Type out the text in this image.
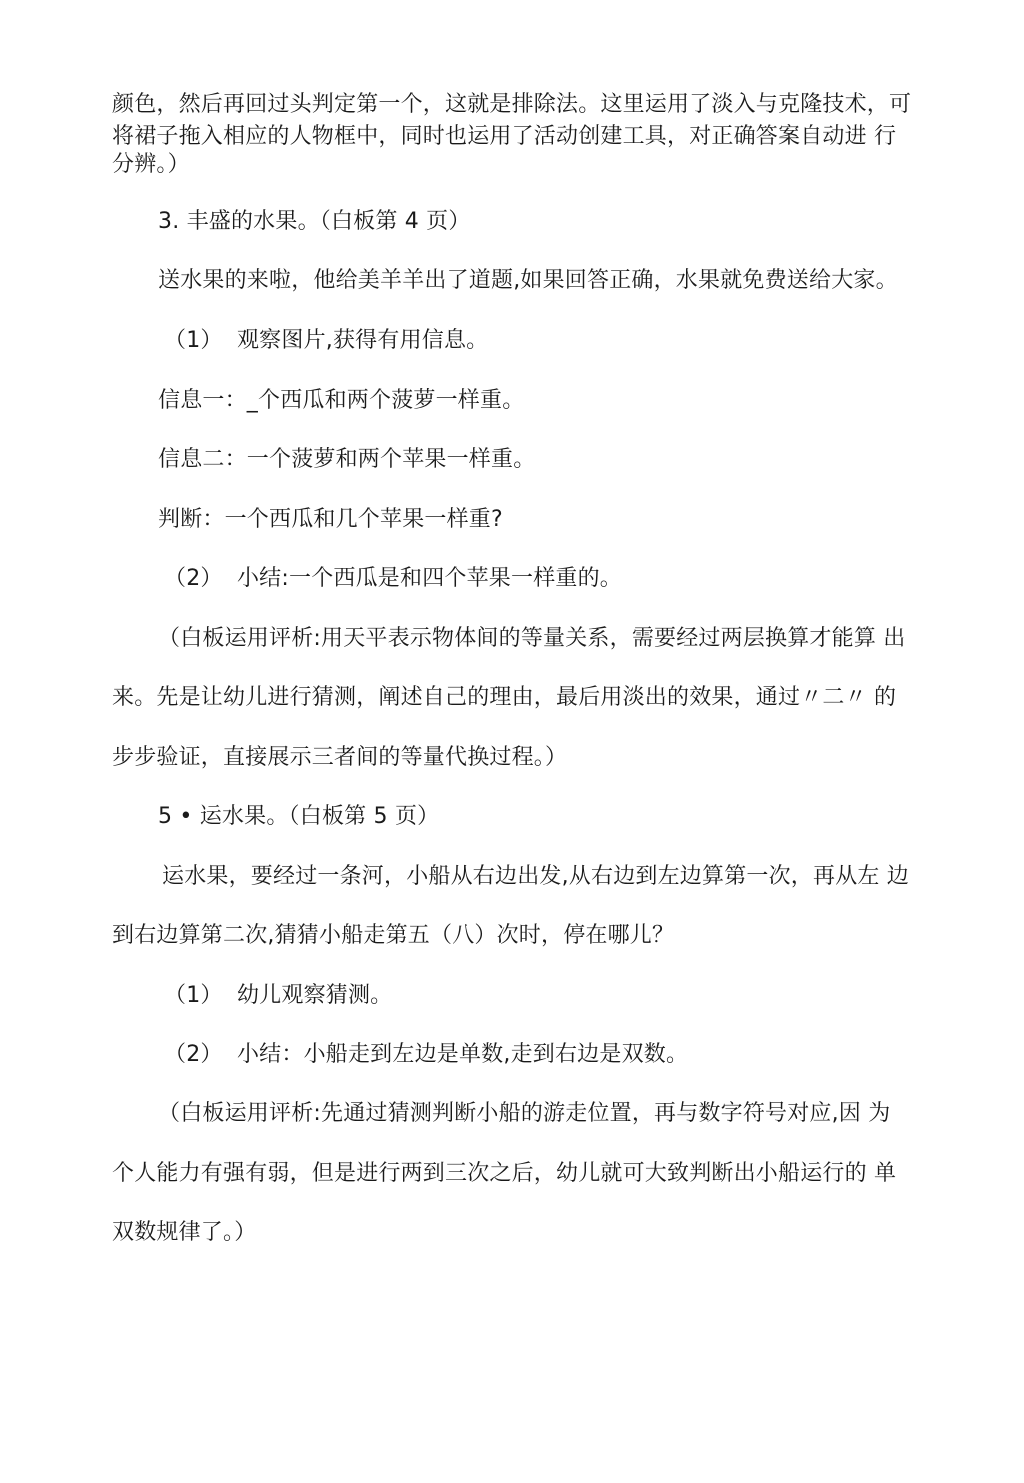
颜色，然后再回过头判定第一个，这就是排除法。这里运用了淡入与克隆技术，可
将裙子拖入相应的人物框中，同时也运用了活动创建工具，对正确答案自动进 行
分辨。）
3. 丰盛的水果。（白板第 4 页）
送水果的来啦，他给美羊羊出了道题,如果回答正确，水果就免费送给大家。
（1）  观察图片,获得有用信息。
信息一：_个西瓜和两个菠萝一样重。
信息二：一个菠萝和两个苹果一样重。
判断：一个西瓜和几个苹果一样重?
（2）  小结:一个西瓜是和四个苹果一样重的。
（白板运用评析:用天平表示物体间的等量关系，需要经过两层换算才能算 出
来。先是让幼儿进行猜测，阐述自己的理由，最后用淡出的效果，通过〃二〃 的
步步验证，直接展示三者间的等量代换过程。）
5 • 运水果。（白板第 5 页）
运水果，要经过一条河，小船从右边出发,从右边到左边算第一次，再从左 边
到右边算第二次,猜猜小船走第五（八）次时，停在哪儿？
（1）  幼儿观察猜测。
（2）  小结：小船走到左边是单数,走到右边是双数。
（白板运用评析:先通过猜测判断小船的游走位置，再与数字符号对应,因 为
个人能力有强有弱，但是进行两到三次之后，幼儿就可大致判断出小船运行的 单
双数规律了。）
